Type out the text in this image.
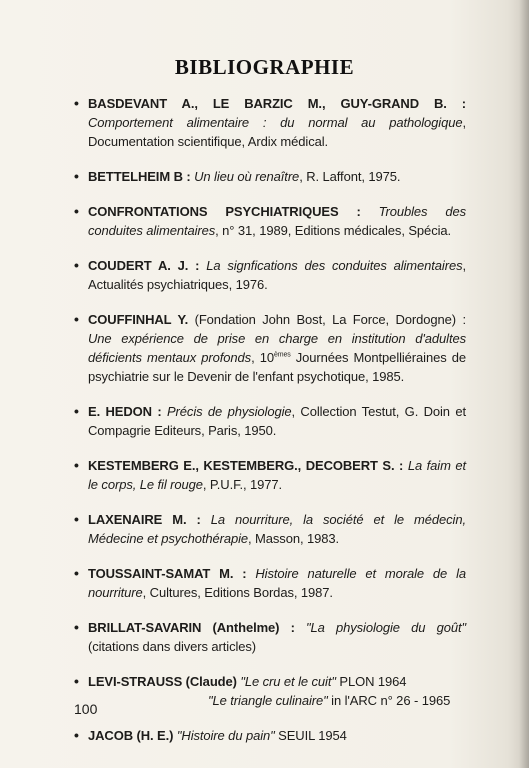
BIBLIOGRAPHIE
• BASDEVANT A., LE BARZIC M., GUY-GRAND B. : Comportement alimentaire : du normal au pathologique, Documentation scientifique, Ardix médical.
• BETTELHEIM B : Un lieu où renaître, R. Laffont, 1975.
• CONFRONTATIONS PSYCHIATRIQUES : Troubles des conduites alimentaires, n° 31, 1989, Editions médicales, Spécia.
• COUDERT A. J. : La signfications des conduites alimentaires, Actualités psychiatriques, 1976.
• COUFFINHAL Y. (Fondation John Bost, La Force, Dordogne) : Une expérience de prise en charge en institution d'adultes déficients mentaux profonds, 10èmes Journées Montpelliéraines de psychiatrie sur le Devenir de l'enfant psychotique, 1985.
• E. HEDON : Précis de physiologie, Collection Testut, G. Doin et Compagrie Editeurs, Paris, 1950.
• KESTEMBERG E., KESTEMBERG., DECOBERT S. : La faim et le corps, Le fil rouge, P.U.F., 1977.
• LAXENAIRE M. : La nourriture, la société et le médecin, Médecine et psychothérapie, Masson, 1983.
• TOUSSAINT-SAMAT M. : Histoire naturelle et morale de la nourriture, Cultures, Editions Bordas, 1987.
• BRILLAT-SAVARIN (Anthelme) : "La physiologie du goût" (citations dans divers articles)
• LEVI-STRAUSS (Claude) "Le cru et le cuit" PLON 1964
"Le triangle culinaire" in l'ARC n° 26 - 1965
• JACOB (H. E.) "Histoire du pain" SEUIL 1954
100
